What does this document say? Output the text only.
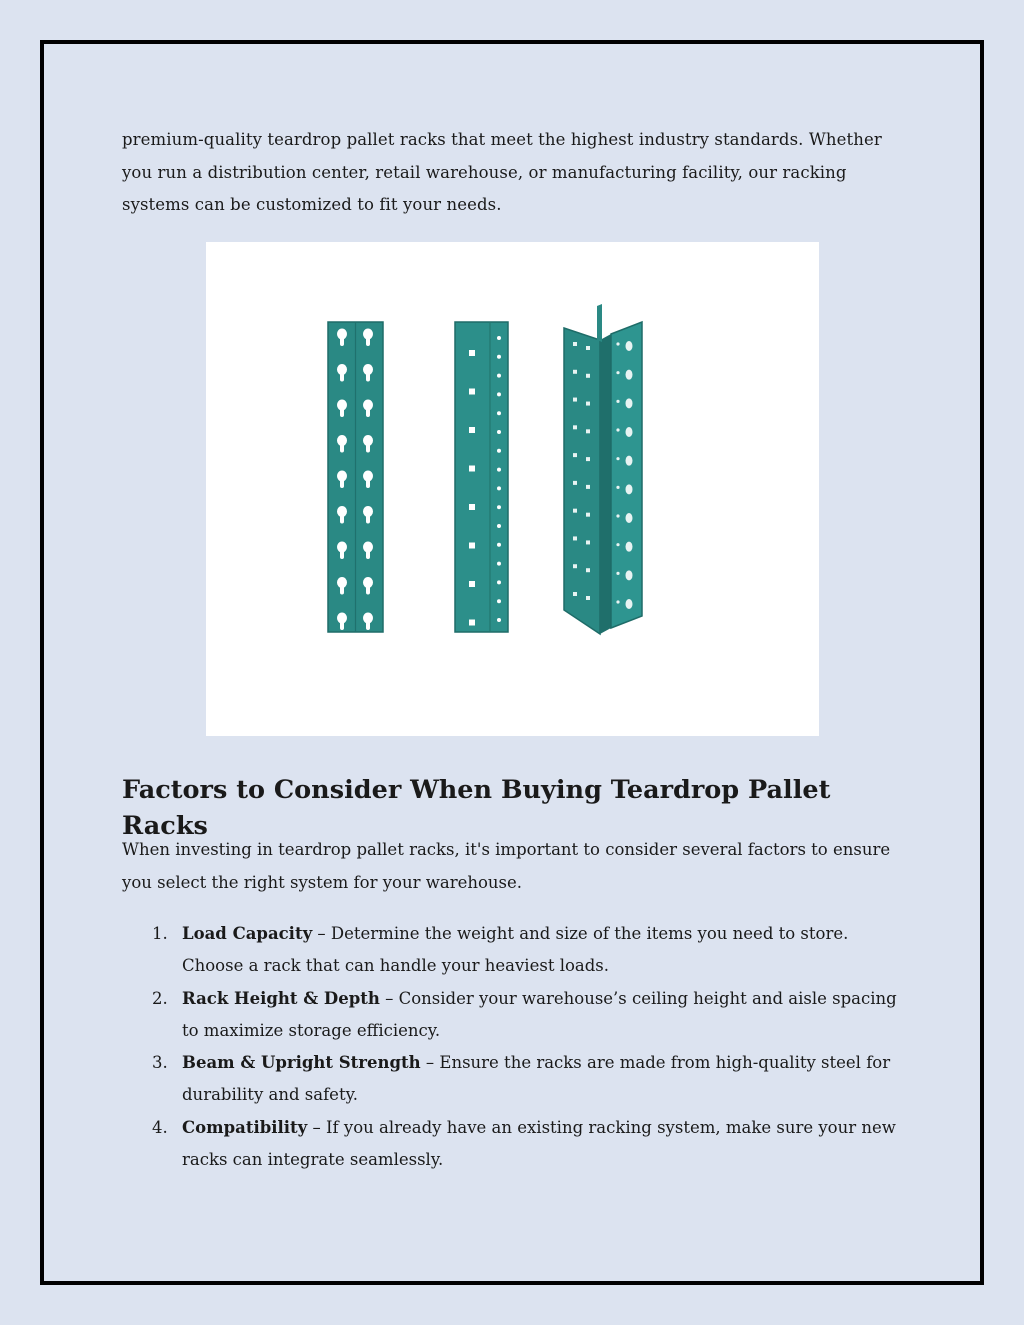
premium-quality teardrop pallet racks that meet the highest industry standards. Whether you run a distribution center, retail warehouse, or manufacturing facility, our racking systems can be customized to fit your needs.

Factors to Consider When Buying Teardrop Pallet Racks

When investing in teardrop pallet racks, it's important to consider several factors to ensure you select the right system for your warehouse.

1. Load Capacity – Determine the weight and size of the items you need to store. Choose a rack that can handle your heaviest loads.
2. Rack Height & Depth – Consider your warehouse’s ceiling height and aisle spacing to maximize storage efficiency.
3. Beam & Upright Strength – Ensure the racks are made from high-quality steel for durability and safety.
4. Compatibility – If you already have an existing racking system, make sure your new racks can integrate seamlessly.
